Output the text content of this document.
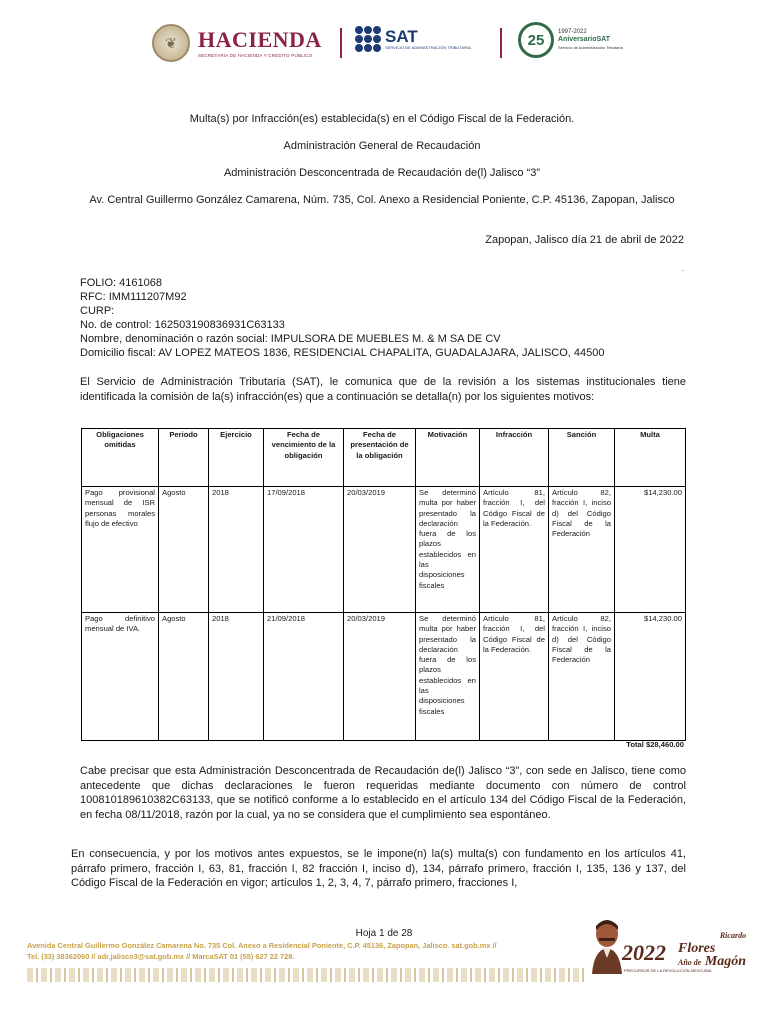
❦ HACIENDA
SECRETARÍA DE HACIENDA Y CRÉDITO PÚBLICO
SAT
SERVICIO DE ADMINISTRACIÓN TRIBUTARIA	25	1997-2022
AniversarioSAT
Servicio de Administración Tributaria
Multa(s) por Infracción(es) establecida(s) en el Código Fiscal de la Federación.
Administración General de Recaudación
Administración Desconcentrada de Recaudación de(l) Jalisco “3”
Av. Central Guillermo González Camarena, Núm. 735, Col. Anexo a Residencial Poniente, C.P. 45136, Zapopan, Jalisco
Zapopan, Jalisco día 21 de abril de 2022
.
FOLIO: 4161068
RFC: IMM111207M92
CURP:
No. de control: 162503190836931C63133
Nombre, denominación o razón social: IMPULSORA DE MUEBLES M. & M SA DE CV
Domicilio fiscal: AV LOPEZ MATEOS 1836, RESIDENCIAL CHAPALITA, GUADALAJARA, JALISCO, 44500
El Servicio de Administración Tributaria (SAT), le comunica que de la revisión a los sistemas institucionales tiene identificada la comisión de la(s) infracción(es) que a continuación se detalla(n) por los siguientes motivos:
Obligaciones omitidas	Periodo	Ejercicio	Fecha de vencimiento de la obligación	Fecha de presentación de la obligación	Motivación	Infracción	Sanción	Multa
Pago provisional mensual de ISR personas morales flujo de efectivo	Agosto	2018	17/09/2018	20/03/2019	Se determinó multa por haber presentado la declaración fuera de los plazos establecidos en las disposiciones fiscales	Artículo 81, fracción I, del Código Fiscal de la Federación.	Artículo 82, fracción I, inciso d) del Código Fiscal de la Federación	$14,230.00
Pago definitivo mensual de IVA.	Agosto	2018	21/09/2018	20/03/2019	Se determinó multa por haber presentado la declaración fuera de los plazos establecidos en las disposiciones fiscales	Artículo 81, fracción I, del Código Fiscal de la Federación.	Artículo 82, fracción I, inciso d) del Código Fiscal de la Federación	$14,230.00
Total $28,460.00
Cabe precisar que esta Administración Desconcentrada de Recaudación de(l) Jalisco “3”, con sede en Jalisco, tiene como antecedente que dichas declaraciones le fueron requeridas mediante documento con número de control 100810189610382C63133, que se notificó conforme a lo establecido en el artículo 134 del Código Fiscal de la Federación, en fecha 08/11/2018, razón por la cual, ya no se considera que el cumplimiento sea espontáneo.
En consecuencia, y por los motivos antes expuestos, se le impone(n) la(s) multa(s) con fundamento en los artículos 41, párrafo primero, fracción I, 63, 81, fracción I, 82 fracción I, inciso d), 134, párrafo primero, fracción I, 135, 136 y 137, del Código Fiscal de la Federación en vigor; artículos 1, 2, 3, 4, 7, párrafo primero, fracciones I,
Hoja 1 de 28
Avenida Central Guillermo González Camarena No. 735 Col. Anexo a Residencial Poniente, C.P. 45136, Zapopan, Jalisco. sat.gob.mx //
Tel. (33) 38362060 // adr.jalisco3@sat.gob.mx // MarcaSAT 01 (55) 627 22 728.	2022
Ricardo
Flores
Año de Magón
PRECURSOR DE LA REVOLUCIÓN MEXICANA
